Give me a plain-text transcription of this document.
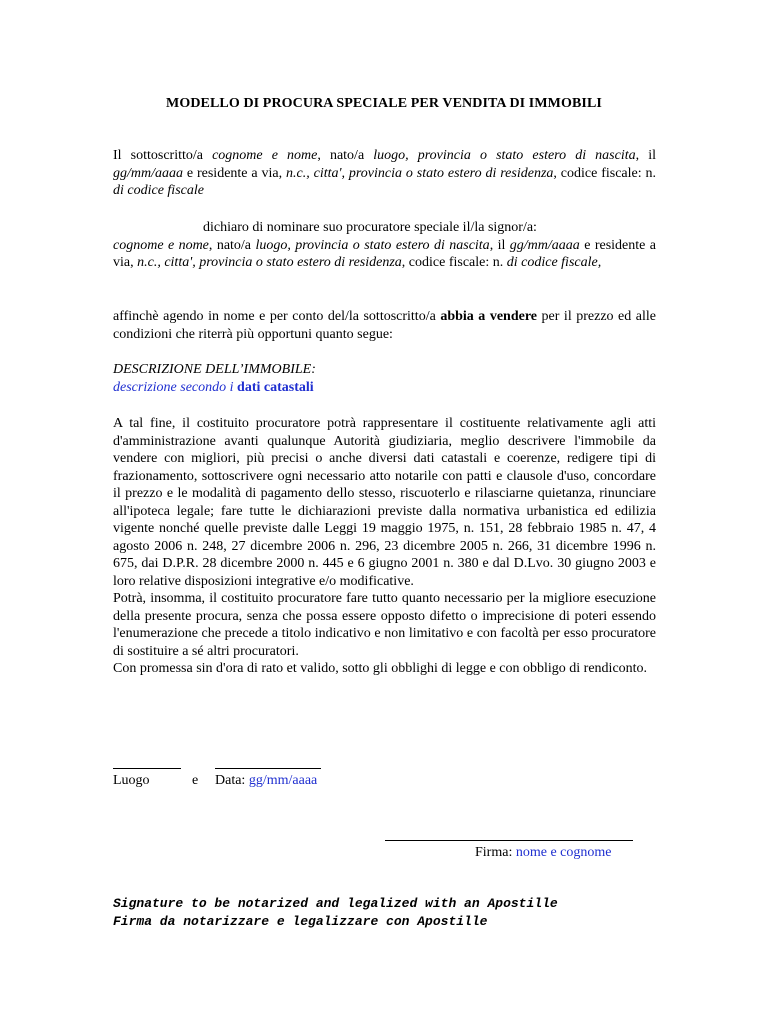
MODELLO DI PROCURA SPECIALE PER VENDITA DI IMMOBILI
Il sottoscritto/a cognome e nome, nato/a luogo, provincia o stato estero di nascita, il gg/mm/aaaa e residente a via, n.c., citta', provincia o stato estero di residenza, codice fiscale: n. di codice fiscale
dichiaro di nominare suo procuratore speciale il/la signor/a:
cognome e nome, nato/a luogo, provincia o stato estero di nascita, il gg/mm/aaaa e residente a via, n.c., citta', provincia o stato estero di residenza, codice fiscale: n. di codice fiscale,
affinchè agendo in nome e per conto del/la sottoscritto/a abbia a vendere per il prezzo ed alle condizioni che riterrà più opportuni quanto segue:
DESCRIZIONE DELL’IMMOBILE:
descrizione secondo i dati catastali
A tal fine, il costituito procuratore potrà rappresentare il costituente relativamente agli atti d'amministrazione avanti qualunque Autorità giudiziaria, meglio descrivere l'immobile da vendere con migliori, più precisi o anche diversi dati catastali e coerenze, redigere tipi di frazionamento, sottoscrivere ogni necessario atto notarile con patti e clausole d'uso, concordare il prezzo e le modalità di pagamento dello stesso, riscuoterlo e rilasciarne quietanza, rinunciare all'ipoteca legale; fare tutte le dichiarazioni previste dalla normativa urbanistica ed edilizia vigente nonché quelle previste dalle Leggi 19 maggio 1975, n. 151, 28 febbraio 1985 n. 47, 4 agosto 2006 n. 248, 27 dicembre 2006 n. 296, 23 dicembre 2005 n. 266, 31 dicembre 1996 n. 675, dai D.P.R. 28 dicembre 2000 n. 445 e 6 giugno 2001 n. 380 e dal D.Lvo. 30 giugno 2003 e loro relative disposizioni integrative e/o modificative.
Potrà, insomma, il costituito procuratore fare tutto quanto necessario per la migliore esecuzione della presente procura, senza che possa essere opposto difetto o imprecisione di poteri essendo l'enumerazione che precede a titolo indicativo e non limitativo e con facoltà per esso procuratore di sostituire a sé altri procuratori.
Con promessa sin d'ora di rato et valido, sotto gli obblighi di legge e con obbligo di rendiconto.
Luogo	e Data: gg/mm/aaaa
Firma: nome e cognome
Signature to be notarized and legalized with an Apostille
Firma da notarizzare e legalizzare con Apostille
